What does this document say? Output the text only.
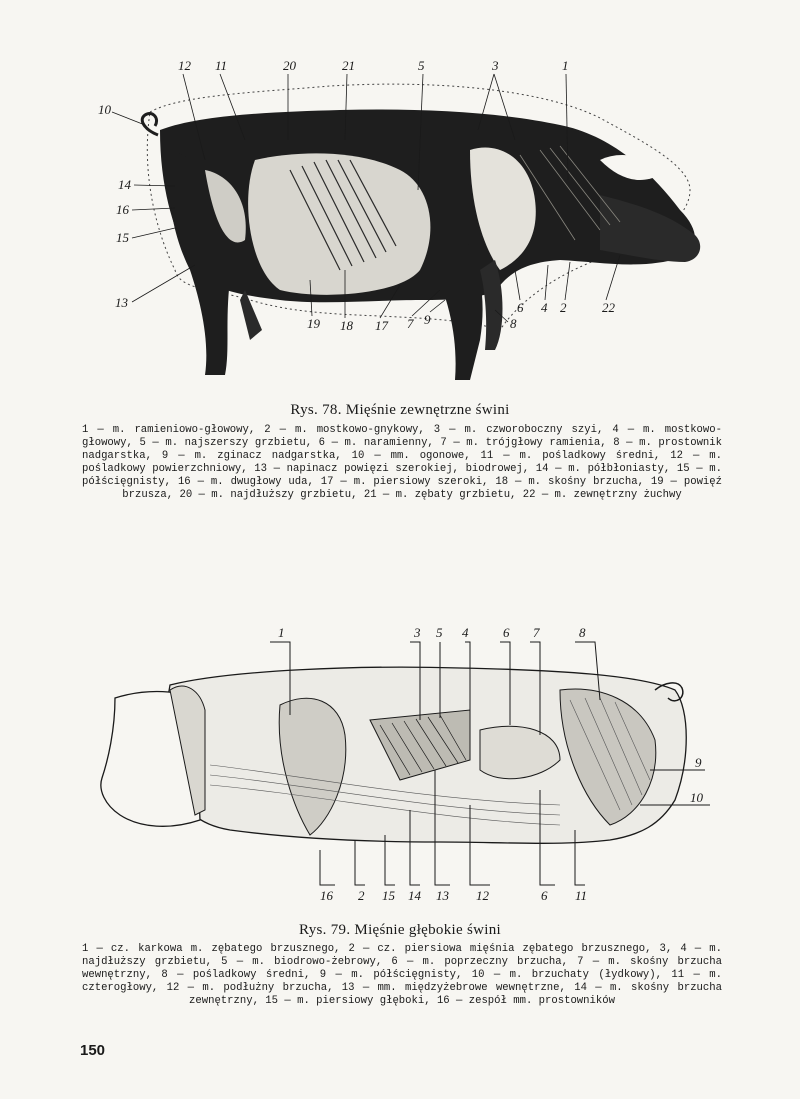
12 11	20	21	5	3	1
10
14
16
15
13
19 18 17 7 9
6 4 2
8
22
Rys. 78. Mięśnie zewnętrzne świni
1 — m. ramieniowo-głowowy, 2 — m. mostkowo-gnykowy, 3 — m. czworoboczny szyi, 4 — m. mostkowo-głowowy, 5 — m. najszerszy grzbietu, 6 — m. naramienny, 7 — m. trójgłowy ramienia, 8 — m. prostownik nadgarstka, 9 — m. zginacz nadgarstka, 10 — mm. ogonowe, 11 — m. pośladkowy średni, 12 — m. pośladkowy powierzchniowy, 13 — napinacz powięzi szerokiej, biodrowej, 14 — m. półbłoniasty, 15 — m. półścięgnisty, 16 — m. dwugłowy uda, 17 — m. piersiowy szeroki, 18 — m. skośny brzucha, 19 — powięź brzusza, 20 — m. najdłuższy grzbietu, 21 — m. zębaty grzbietu, 22 — m. zewnętrzny żuchwy
1	3 5 4	6 7	8
9
10
16 2 15 14 13 12	6 11
Rys. 79. Mięśnie głębokie świni
1 — cz. karkowa m. zębatego brzusznego, 2 — cz. piersiowa mięśnia zębatego brzusznego, 3, 4 — m. najdłuższy grzbietu, 5 — m. biodrowo-żebrowy, 6 — m. poprzeczny brzucha, 7 — m. skośny brzucha wewnętrzny, 8 — pośladkowy średni, 9 — m. półścięgnisty, 10 — m. brzuchaty (łydkowy), 11 — m. czterogłowy, 12 — m. podłużny brzucha, 13 — mm. międzyżebrowe wewnętrzne, 14 — m. skośny brzucha zewnętrzny, 15 — m. piersiowy głęboki, 16 — zespół mm. prostowników
150
